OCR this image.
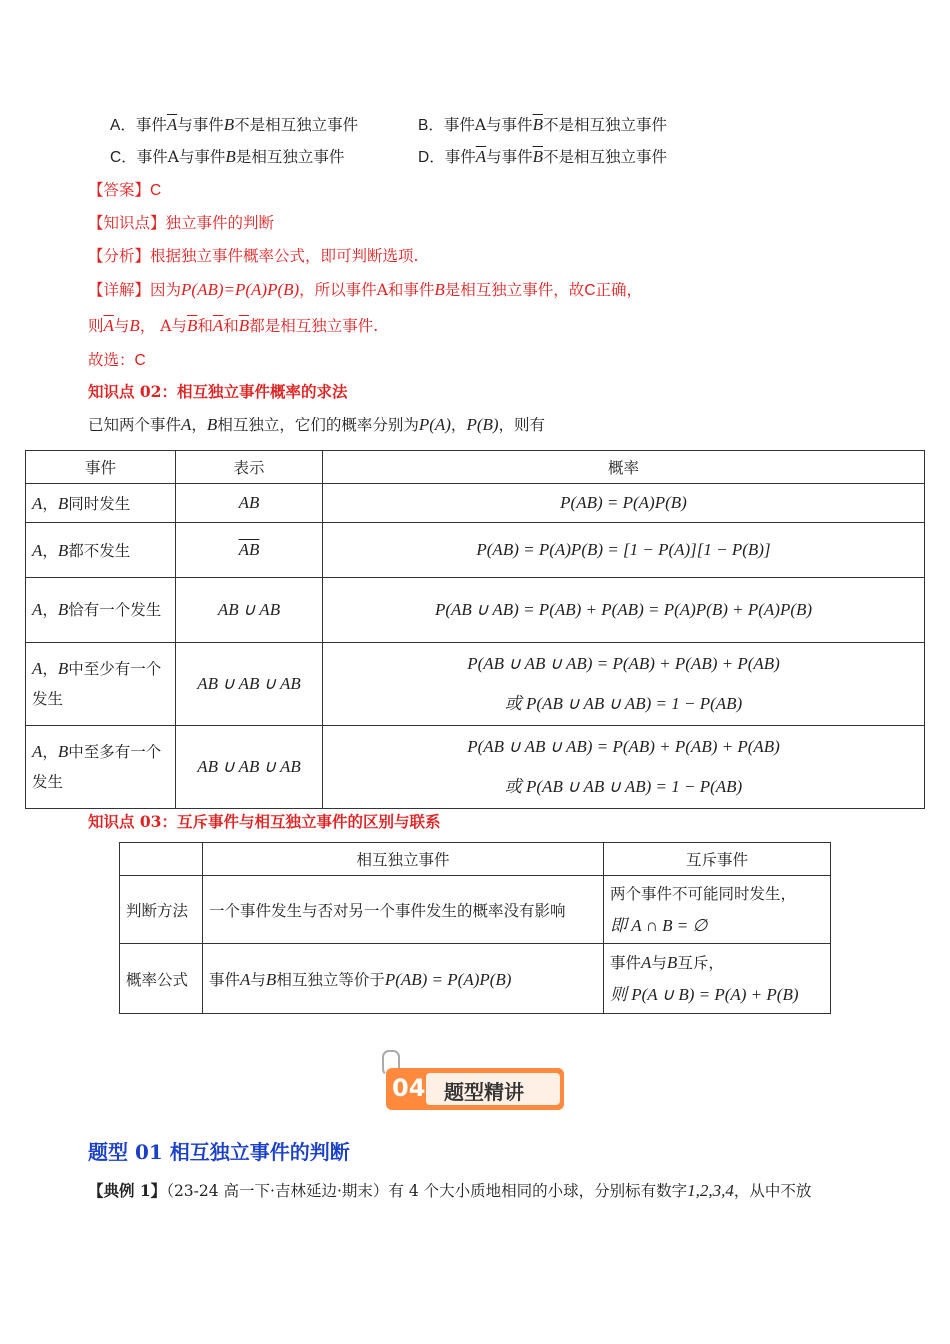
A．事件$\overline{A}$与事件B不是相互独立事件	B．事件A与事件$\overline{B}$不是相互独立事件
C．事件A与事件B是相互独立事件	D．事件$\overline{A}$与事件$\overline{B}$不是相互独立事件
【答案】C
【知识点】独立事件的判断
【分析】根据独立事件概率公式，即可判断选项.
【详解】因为P(AB)=P(A)P(B)，所以事件A和事件B是相互独立事件，故C正确，
则$\overline{A}$与B， A与$\overline{B}$和$\overline{A}$和$\overline{B}$都是相互独立事件.
故选：C
知识点 02：相互独立事件概率的求法
已知两个事件A，B相互独立，它们的概率分别为P(A)，P(B)，则有
事件	表示	概率
A，B同时发生	AB	P(AB) = P(A)P(B)
A，B都不发生	$\overline{AB}$	P(AB) = P(A)P(B) = [1 − P(A)][1 − P(B)]
A，B恰有一个发生	AB ∪ AB	P(AB ∪ AB) = P(AB) + P(AB) = P(A)P(B) + P(A)P(B)
A，B中至少有一个发生	AB ∪ AB ∪ AB	P(AB ∪ AB ∪ AB) = P(AB) + P(AB) + P(AB)
或 P(AB ∪ AB ∪ AB) = 1 − P(AB)

A，B中至多有一个发生	AB ∪ AB ∪ AB	P(AB ∪ AB ∪ AB) = P(AB) + P(AB) + P(AB)
或 P(AB ∪ AB ∪ AB) = 1 − P(AB)
知识点 03：互斥事件与相互独立事件的区别与联系
	相互独立事件	互斥事件
判断方法	一个事件发生与否对另一个事件发生的概率没有影响	两个事件不可能同时发生，
即 A ∩ B = ∅

概率公式	事件A与B相互独立等价于P(AB) = P(A)P(B)	事件A与B互斥，
则 P(A ∪ B) = P(A) + P(B)
04 题型精讲
题型 01 相互独立事件的判断
【典例 1】（23-24 高一下·吉林延边·期末）有 4 个大小质地相同的小球，分别标有数字1,2,3,4，从中不放
